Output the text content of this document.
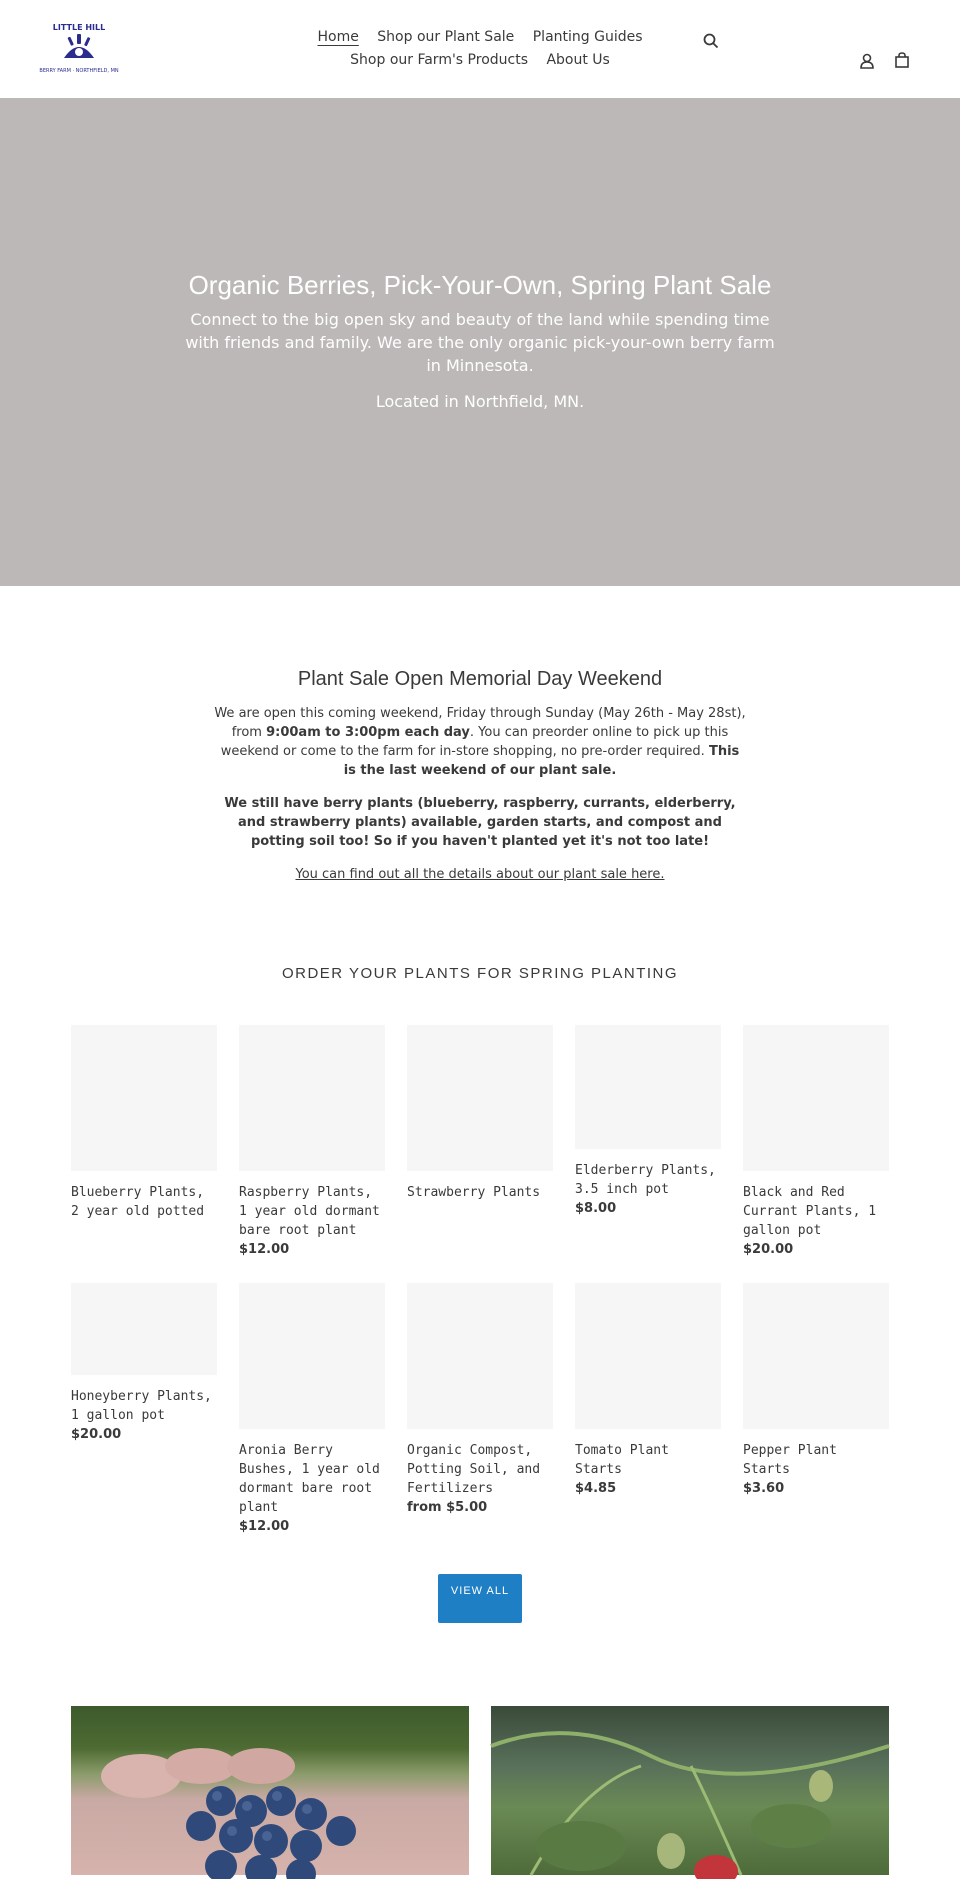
LITTLE HILL
BERRY FARM · NORTHFIELD, MN
Home Shop our Plant Sale Planting Guides
Shop our Farm's Products About Us
Organic Berries, Pick-Your-Own, Spring Plant Sale
Connect to the big open sky and beauty of the land while spending time with friends and family. We are the only organic pick-your-own berry farm in Minnesota.
Located in Northfield, MN.
Plant Sale Open Memorial Day Weekend

We are open this coming weekend, Friday through Sunday (May 26th - May 28st), from 9:00am to 3:00pm each day. You can preorder online to pick up this weekend or come to the farm for in-store shopping, no pre-order required. This is the last weekend of our plant sale.

We still have berry plants (blueberry, raspberry, currants, elderberry, and strawberry plants) available, garden starts, and compost and potting soil too! So if you haven't planted yet it's not too late!

You can find out all the details about our plant sale here.

ORDER YOUR PLANTS FOR SPRING PLANTING
Blueberry Plants, 2 year old potted
Raspberry Plants, 1 year old dormant bare root plant
$12.00
Strawberry Plants
Elderberry Plants, 3.5 inch pot
$8.00
Black and Red Currant Plants, 1 gallon pot
$20.00
Honeyberry Plants, 1 gallon pot
$20.00
Aronia Berry Bushes, 1 year old dormant bare root plant
$12.00
Organic Compost, Potting Soil, and Fertilizers
from $5.00
Tomato Plant Starts
$4.85
Pepper Plant Starts
$3.60
VIEW ALL
